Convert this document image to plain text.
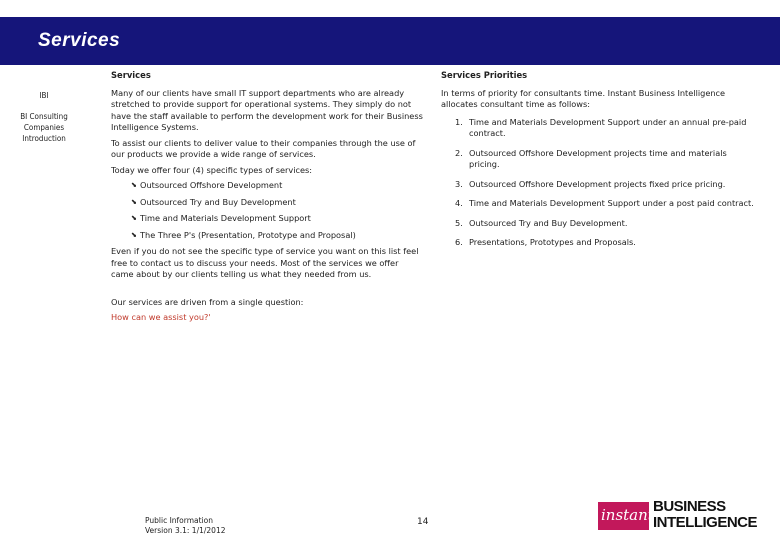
Services
IBI
BI Consulting Companies Introduction
Services

Many of our clients have small IT support departments who are already stretched to provide support for operational systems. They simply do not have the staff available to perform the development work for their Business Intelligence Systems.

To assist our clients to deliver value to their companies through the use of our products we provide a wide range of services.

Today we offer four (4) specific types of services:

⬊ Outsourced Offshore Development
⬊ Outsourced Try and Buy Development
⬊ Time and Materials Development Support
⬊ The Three P's (Presentation, Prototype and Proposal)

Even if you do not see the specific type of service you want on this list feel free to contact us to discuss your needs. Most of the services we offer came about by our clients telling us what they needed from us.

Our services are driven from a single question:

How can we assist you?'

Services Priorities

In terms of priority for consultants time. Instant Business Intelligence allocates consultant time as follows:

1. Time and Materials Development Support under an annual pre-paid contract.
2. Outsourced Offshore Development projects time and materials pricing.
3. Outsourced Offshore Development projects fixed price pricing.
4. Time and Materials Development Support under a post paid contract.
5. Outsourced Try and Buy Development.
6. Presentations, Prototypes and Proposals.
Public Information
Version 3.1: 1/1/2012
14	instant BUSINESS
INTELLIGENCE
